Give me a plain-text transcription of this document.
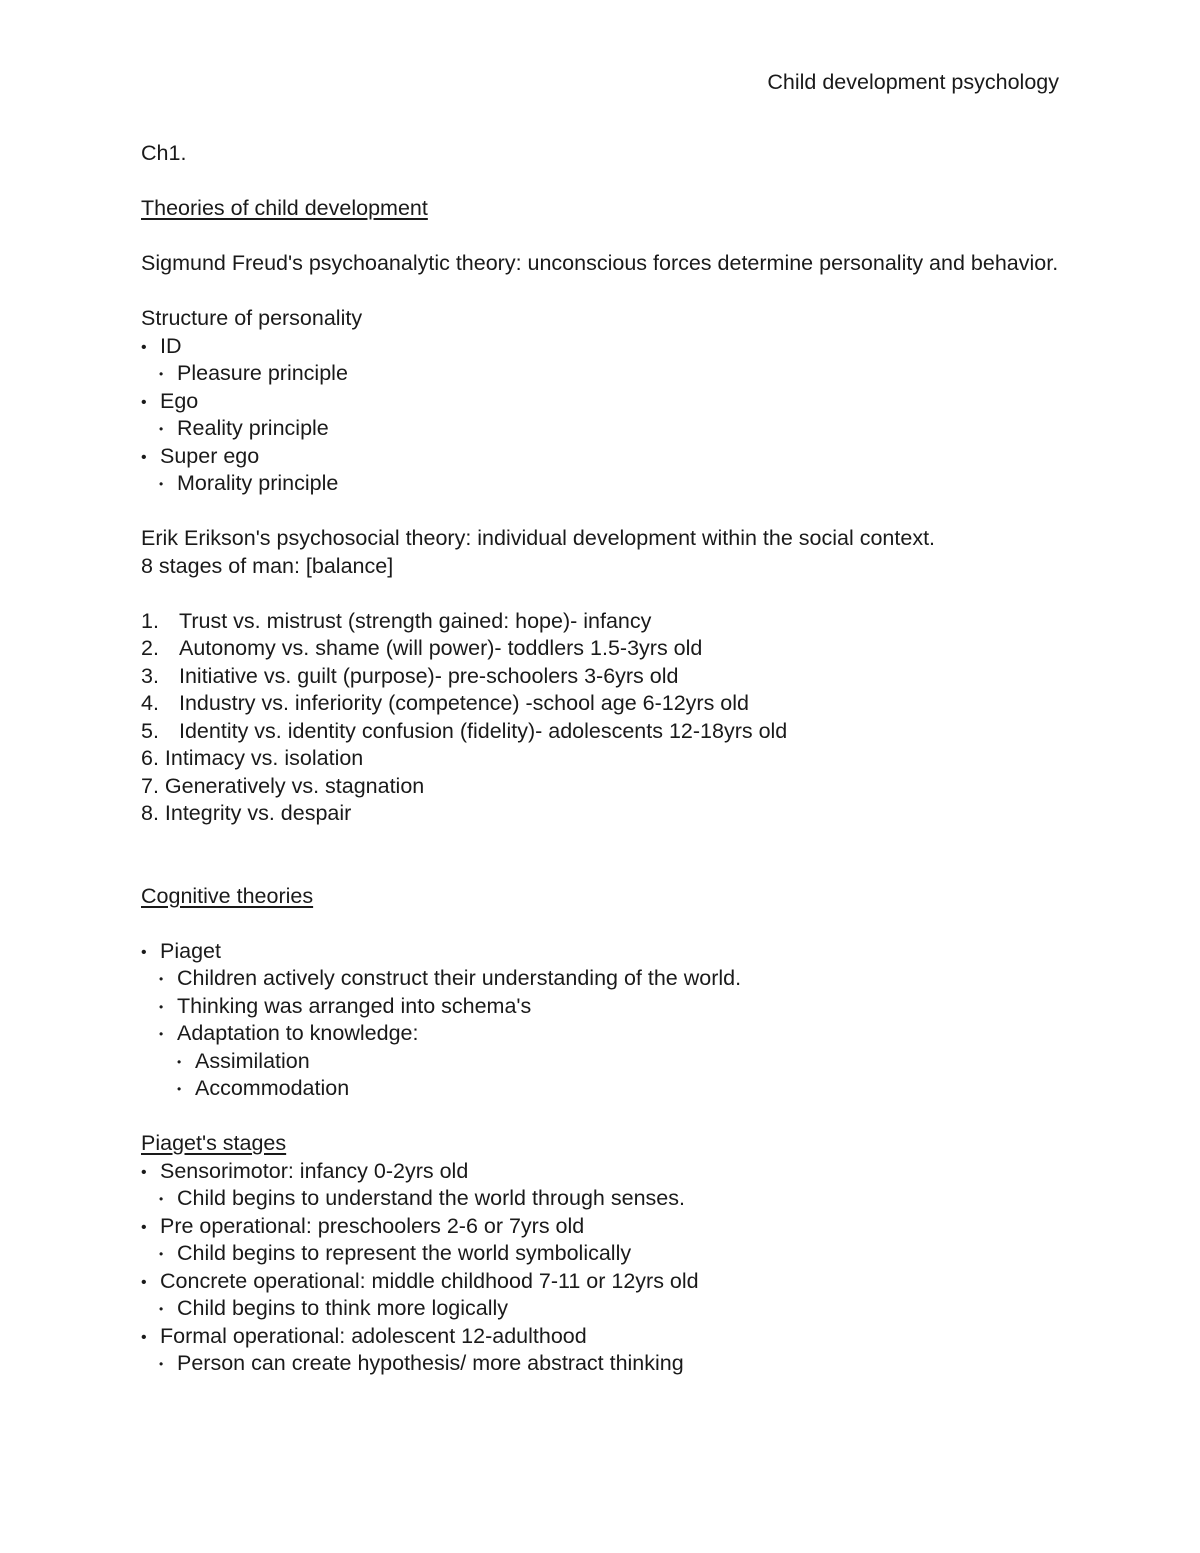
Child development psychology
Ch1.
Theories of child development
Sigmund Freud's psychoanalytic theory: unconscious forces determine personality and behavior.
Structure of personality
• ID
• Pleasure principle
• Ego
• Reality principle
• Super ego
• Morality principle
Erik Erikson's psychosocial theory: individual development within the social context.
8 stages of man: [balance]
1. Trust vs. mistrust (strength gained: hope)- infancy
2. Autonomy vs. shame (will power)- toddlers 1.5-3yrs old
3. Initiative vs. guilt (purpose)- pre-schoolers 3-6yrs old
4. Industry vs. inferiority (competence) -school age 6-12yrs old
5. Identity vs. identity confusion (fidelity)- adolescents 12-18yrs old
6. Intimacy vs. isolation
7. Generatively vs. stagnation
8. Integrity vs. despair
Cognitive theories
• Piaget
• Children actively construct their understanding of the world.
• Thinking was arranged into schema's
• Adaptation to knowledge:
• Assimilation
• Accommodation
Piaget's stages
• Sensorimotor: infancy 0-2yrs old
• Child begins to understand the world through senses.
• Pre operational: preschoolers 2-6 or 7yrs old
• Child begins to represent the world symbolically
• Concrete operational: middle childhood 7-11 or 12yrs old
• Child begins to think more logically
• Formal operational: adolescent 12-adulthood
• Person can create hypothesis/ more abstract thinking
